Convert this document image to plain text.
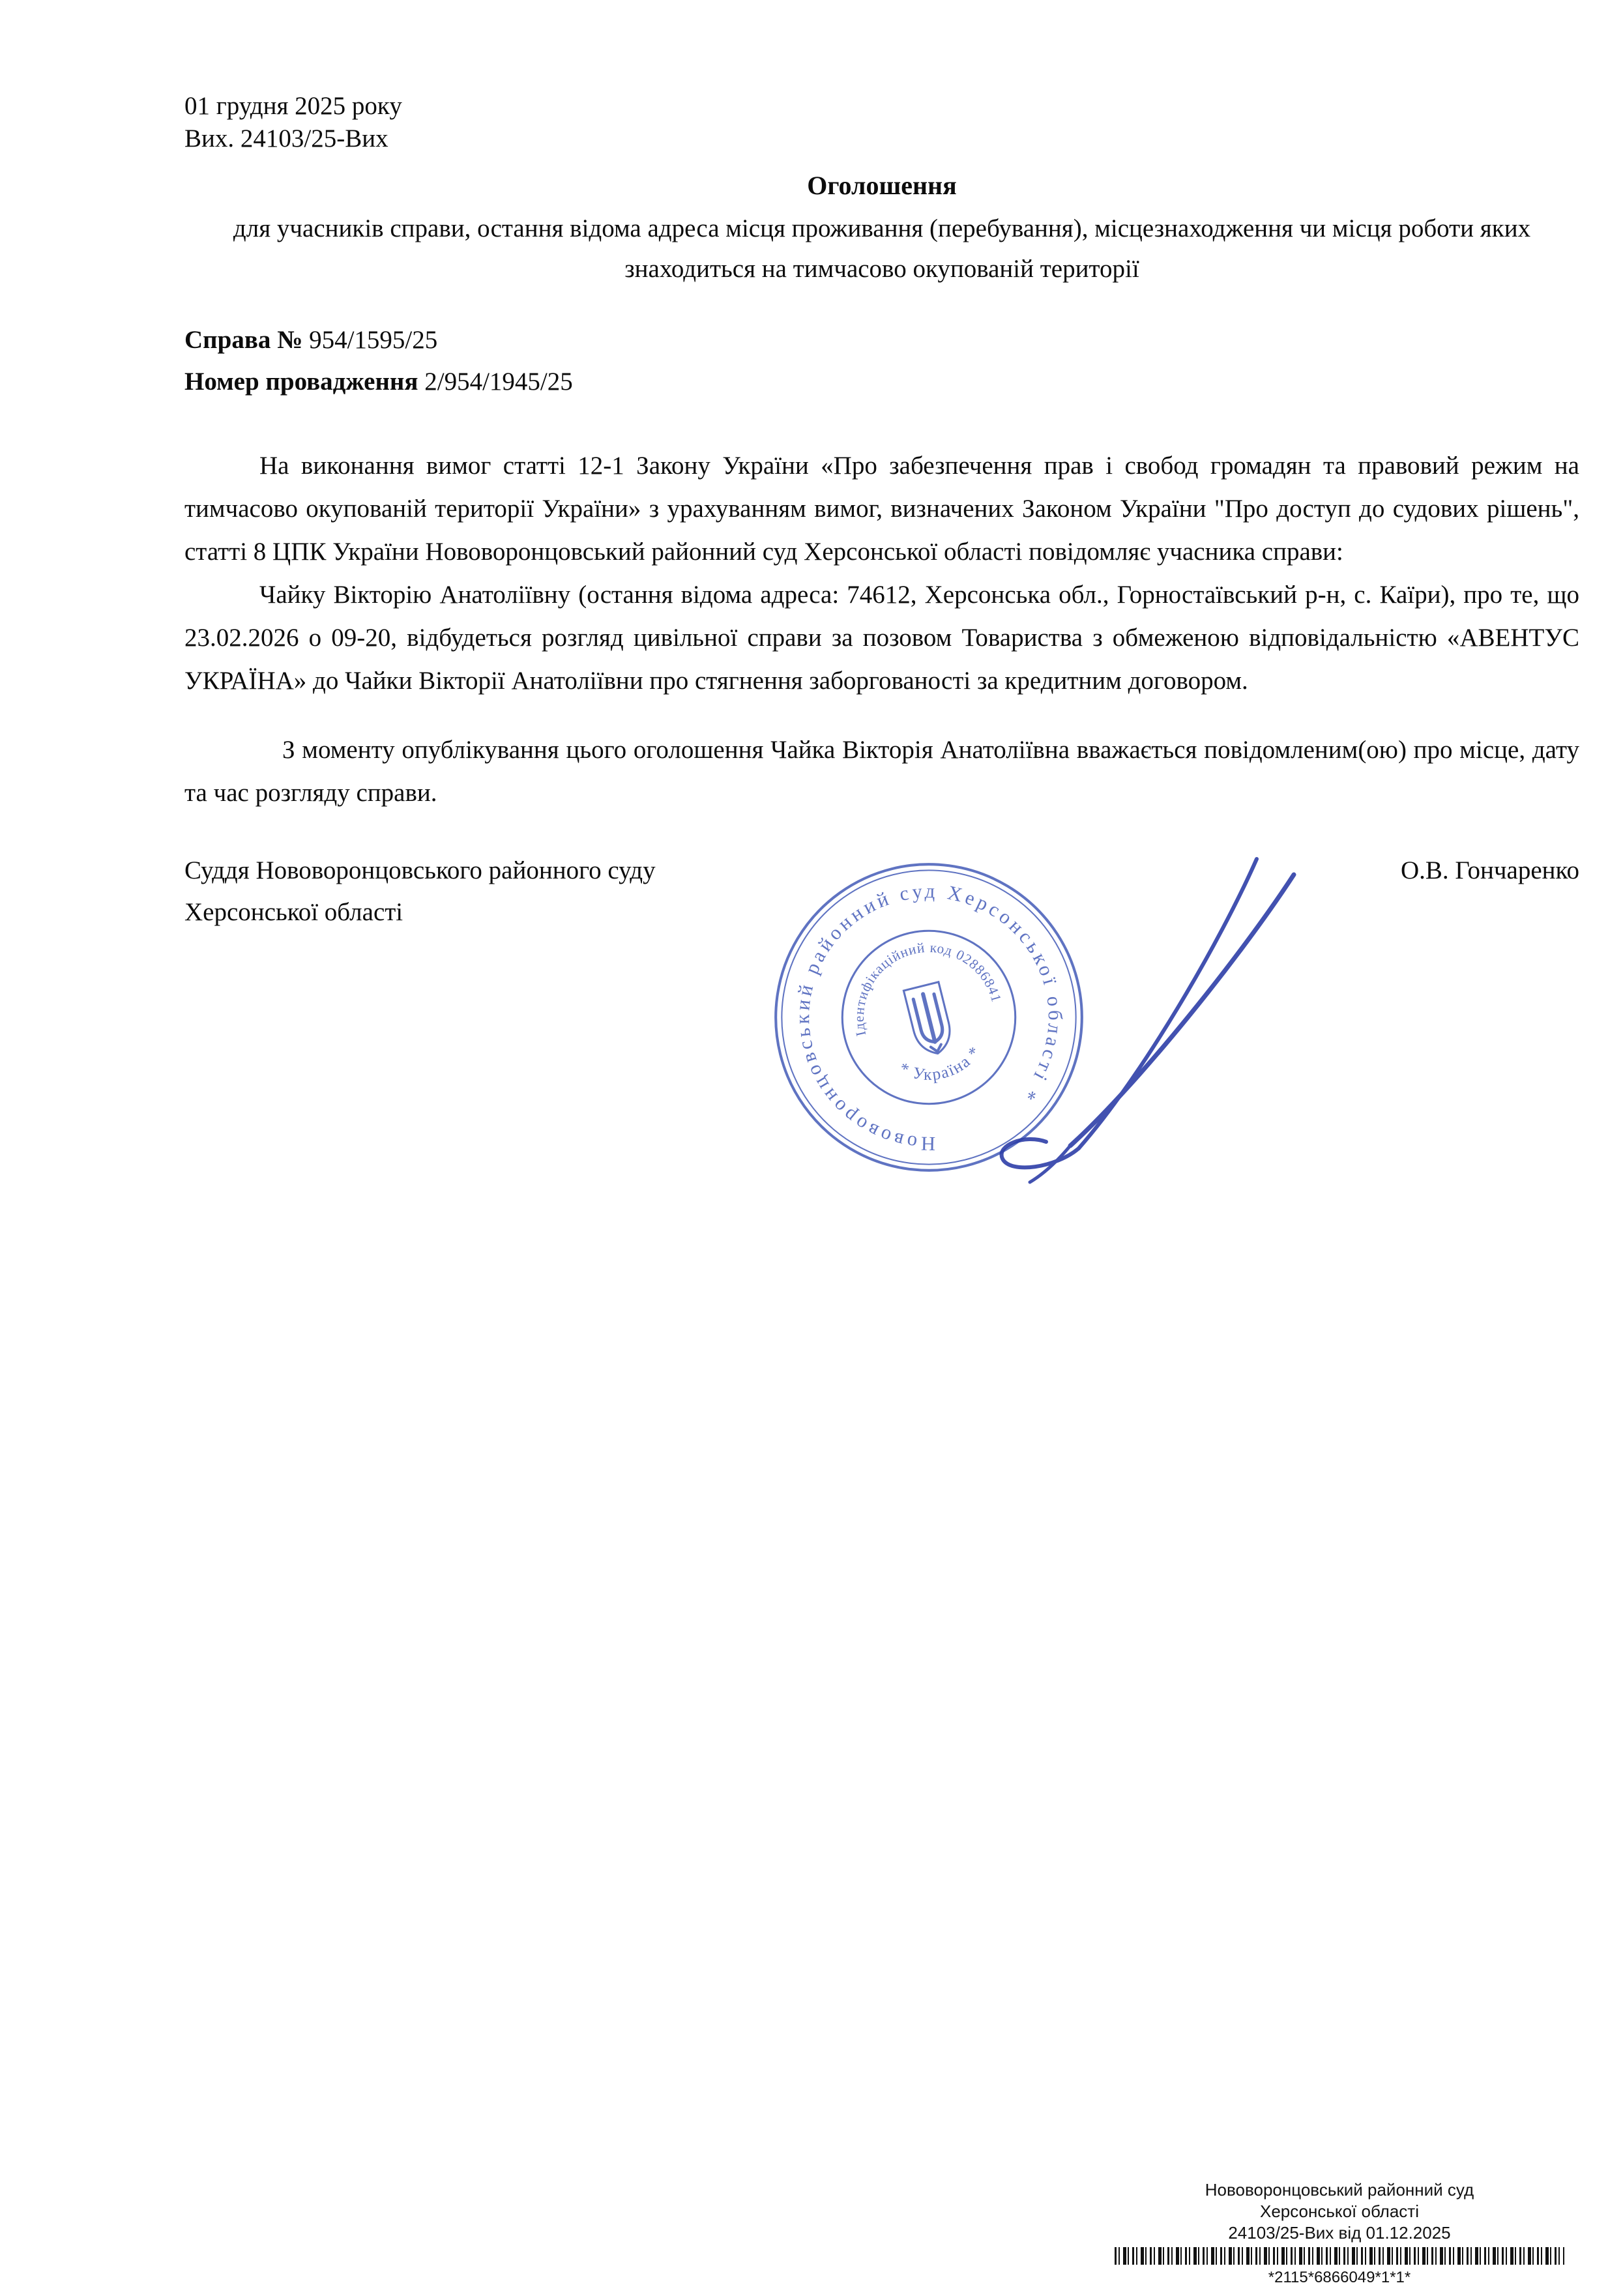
01 грудня 2025 року
Вих. 24103/25-Вих
Оголошення
для учасників справи, остання відома адреса місця проживання (перебування), місцезнаходження чи місця роботи яких знаходиться на тимчасово окупованій території
Справа № 954/1595/25
Номер провадження 2/954/1945/25

На виконання вимог статті 12-1 Закону України «Про забезпечення прав і свобод громадян та правовий режим на тимчасово окупованій території України» з урахуванням вимог, визначених Законом України "Про доступ до судових рішень", статті 8 ЦПК України Нововоронцовський районний суд Херсонської області повідомляє учасника справи:

Чайку Вікторію Анатоліївну (остання відома адреса: 74612, Херсонська обл., Горностаївський р-н, с. Каїри), про те, що 23.02.2026 о 09-20, відбудеться розгляд цивільної справи за позовом Товариства з обмеженою відповідальністю «АВЕНТУС УКРАЇНА» до Чайки Вікторії Анатоліївни про стягнення заборгованості за кредитним договором.

З моменту опублікування цього оголошення Чайка Вікторія Анатоліївна вважається повідомленим(ою) про місце, дату та час розгляду справи.

Суддя Нововоронцовського районного суду
Херсонської області
О.В. Гончаренко
Нововоронцовський районний суд Херсонської області *
Ідентифікаційний код 02886841
* Україна *
Нововоронцовський районний суд
Херсонської області
24103/25-Вих від 01.12.2025
*2115*6866049*1*1*
